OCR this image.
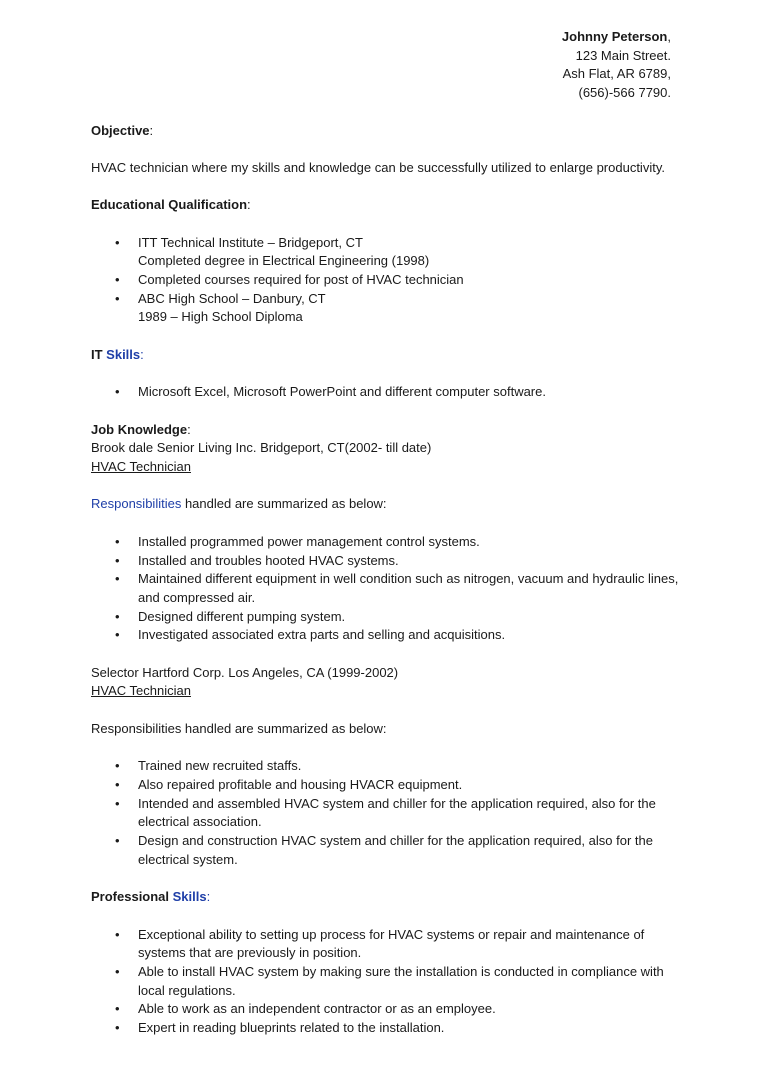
Johnny Peterson,
123 Main Street.
Ash Flat, AR 6789,
(656)-566 7790.

Objective:

HVAC technician where my skills and knowledge can be successfully utilized to enlarge productivity.

Educational Qualification:

• ITT Technical Institute – Bridgeport, CT
Completed degree in Electrical Engineering (1998)
• Completed courses required for post of HVAC technician
• ABC High School – Danbury, CT
1989 – High School Diploma

IT Skills:

• Microsoft Excel, Microsoft PowerPoint and different computer software.

Job Knowledge:

Brook dale Senior Living Inc. Bridgeport, CT(2002- till date)

HVAC Technician

Responsibilities handled are summarized as below:

• Installed programmed power management control systems.
• Installed and troubles hooted HVAC systems.
• Maintained different equipment in well condition such as nitrogen, vacuum and hydraulic lines, and compressed air.
• Designed different pumping system.
• Investigated associated extra parts and selling and acquisitions.

Selector Hartford Corp. Los Angeles, CA (1999-2002)

HVAC Technician

Responsibilities handled are summarized as below:

• Trained new recruited staffs.
• Also repaired profitable and housing HVACR equipment.
• Intended and assembled HVAC system and chiller for the application required, also for the electrical association.
• Design and construction HVAC system and chiller for the application required, also for the electrical system.

Professional Skills:

• Exceptional ability to setting up process for HVAC systems or repair and maintenance of systems that are previously in position.
• Able to install HVAC system by making sure the installation is conducted in compliance with local regulations.
• Able to work as an independent contractor or as an employee.
• Expert in reading blueprints related to the installation.
